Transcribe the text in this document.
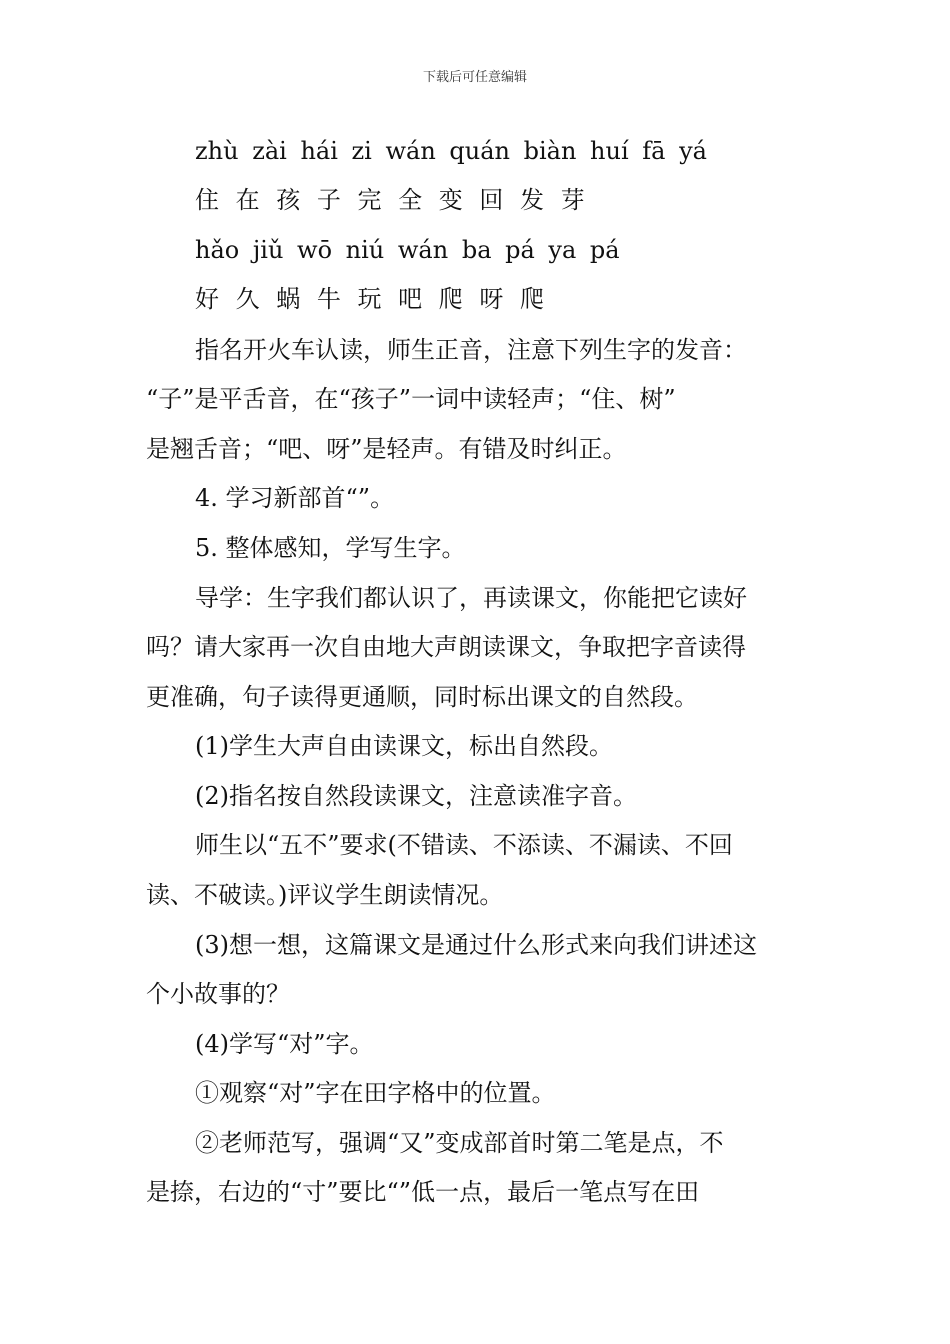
下载后可任意编辑
zhù zài hái zi wán quán biàn huí fā yá
住 在 孩 子 完 全 变 回 发 芽
hǎo jiǔ wō niú wán ba pá ya pá
好 久 蜗 牛 玩 吧 爬 呀 爬
指名开火车认读，师生正音，注意下列生字的发音：
“子”是平舌音，在“孩子”一词中读轻声；“住、树”
是翘舌音；“吧、呀”是轻声。有错及时纠正。
4. 学习新部首“”。
5. 整体感知，学写生字。
导学：生字我们都认识了，再读课文，你能把它读好
吗？请大家再一次自由地大声朗读课文，争取把字音读得
更准确，句子读得更通顺，同时标出课文的自然段。
(1)学生大声自由读课文，标出自然段。
(2)指名按自然段读课文，注意读准字音。
师生以“五不”要求(不错读、不添读、不漏读、不回
读、不破读。)评议学生朗读情况。
(3)想一想，这篇课文是通过什么形式来向我们讲述这
个小故事的？
(4)学写“对”字。
①观察“对”字在田字格中的位置。
②老师范写，强调“又”变成部首时第二笔是点，不
是捺，右边的“寸”要比“”低一点，最后一笔点写在田
